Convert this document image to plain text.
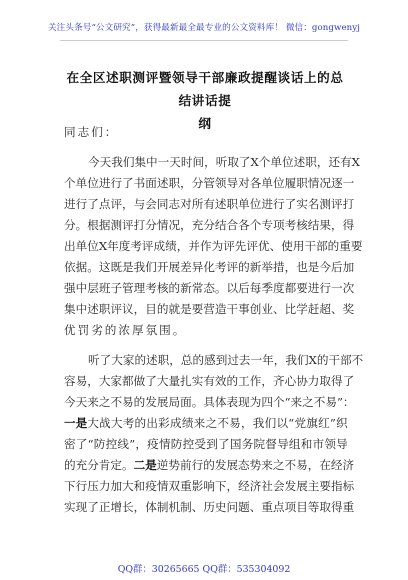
关注头条号“公文研究”，获得最新最全最专业的公文资料库！ 微信：gongwenyj
在全区述职测评暨领导干部廉政提醒谈话上的总结讲话提
纲
同志们：
今 天 我 们 集 中 一 天 时 间 ， 听 取 了 X 个 单 位 述 职 ， 还 有 X
个 单 位 进 行 了 书 面 述 职 ， 分 管 领 导 对 各 单 位 履 职 情 况 逐 一
进 行 了 点 评 ， 与 会 同 志 对 所 有 述 职 单 位 进 行 了 实 名 测 评 打
分 。 根 据 测 评 打 分 情 况 ， 充 分 结 合 各 个 专 项 考 核 结 果 ， 得
出 单 位 X 年 度 考 评 成 绩 ， 并 作 为 评 先 评 优 、 使 用 干 部 的 重 要
依 据 。 这 既 是 我 们 开 展 差 异 化 考 评 的 新 举 措 ， 也 是 今 后 加
强 中 层 班 子 管 理 考 核 的 新 常 态 。 以 后 每 季 度 都 要 进 行 一 次
集 中 述 职 评 议 ， 目 的 就 是 要 营 造 干 事 创 业 、 比 学 赶 超 、 奖
优罚劣的浓厚氛围。
听 了 大 家 的 述 职 ， 总 的 感 到 过 去 一 年 ， 我 们 X 的 干 部 不
容 易 ， 大 家 都 做 了 大 量 扎 实 有 效 的 工 作 ， 齐 心 协 力 取 得 了
今 天 来 之 不 易 的 发 展 局 面 。 具 体 表 现 为 四 个 “ 来 之 不 易 ” ：
一是 大 战 大 考 的 出 彩 成 绩 来 之 不 易 ， 我 们 以 “ 党 旗 红 ” 织
密 了 “ 防 控 线 ” ， 疫 情 防 控 受 到 了 国 务 院 督 导 组 和 市 领 导
的充分肯定。 二是 逆 势 前 行 的 发 展 态 势 来 之 不 易 ， 在 经 济
下 行 压 力 加 大 和 疫 情 双 重 影 响 下 ， 经 济 社 会 发 展 主 要 指 标
实 现 了 正 增 长 ， 体 制 机 制 、 历 史 问 题 、 重 点 项 目 等 取 得 重
QQ群：30265665 QQ群：535304092
